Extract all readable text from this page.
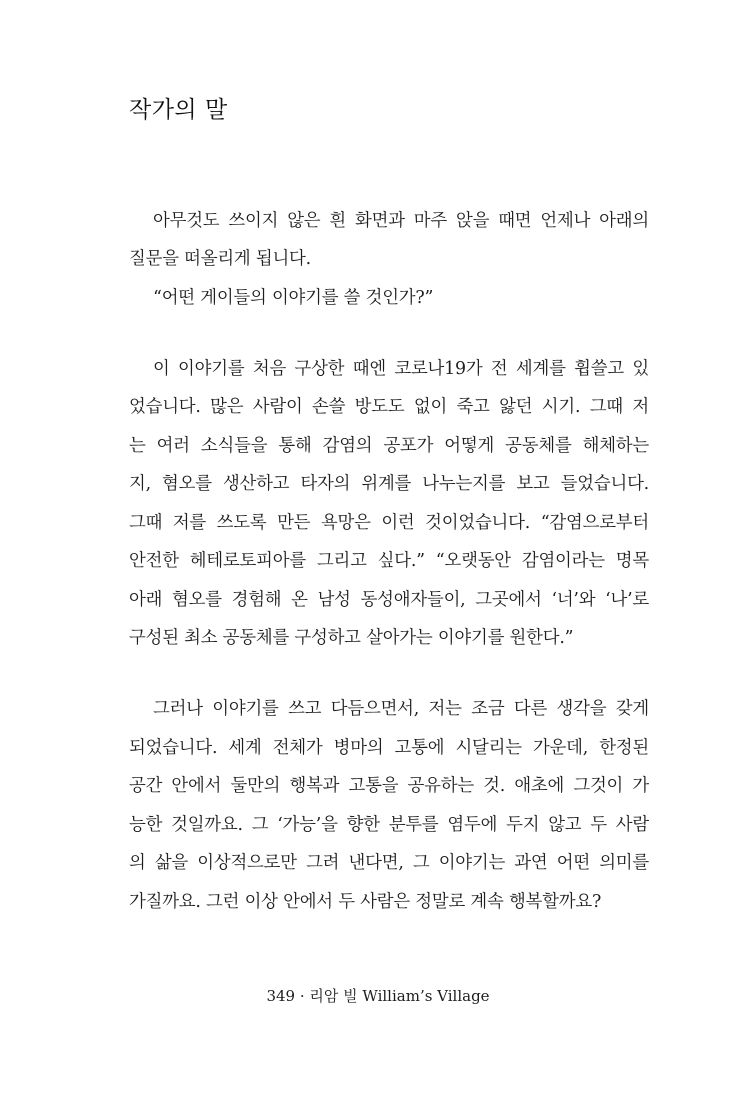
작가의 말
아무것도 쓰이지 않은 흰 화면과 마주 앉을 때면 언제나 아래의
질문을 떠올리게 됩니다.
“어떤 게이들의 이야기를 쓸 것인가?”
이 이야기를 처음 구상한 때엔 코로나19가 전 세계를 휩쓸고 있
었습니다. 많은 사람이 손쓸 방도도 없이 죽고 앓던 시기. 그때 저
는 여러 소식들을 통해 감염의 공포가 어떻게 공동체를 해체하는
지, 혐오를 생산하고 타자의 위계를 나누는지를 보고 들었습니다.
그때 저를 쓰도록 만든 욕망은 이런 것이었습니다. “감염으로부터
안전한 헤테로토피아를 그리고 싶다.” “오랫동안 감염이라는 명목
아래 혐오를 경험해 온 남성 동성애자들이, 그곳에서 ‘너’와 ‘나’로
구성된 최소 공동체를 구성하고 살아가는 이야기를 원한다.”
그러나 이야기를 쓰고 다듬으면서, 저는 조금 다른 생각을 갖게
되었습니다. 세계 전체가 병마의 고통에 시달리는 가운데, 한정된
공간 안에서 둘만의 행복과 고통을 공유하는 것. 애초에 그것이 가
능한 것일까요. 그 ‘가능’을 향한 분투를 염두에 두지 않고 두 사람
의 삶을 이상적으로만 그려 낸다면, 그 이야기는 과연 어떤 의미를
가질까요. 그런 이상 안에서 두 사람은 정말로 계속 행복할까요?
349 · 리암 빌 William’s Village
